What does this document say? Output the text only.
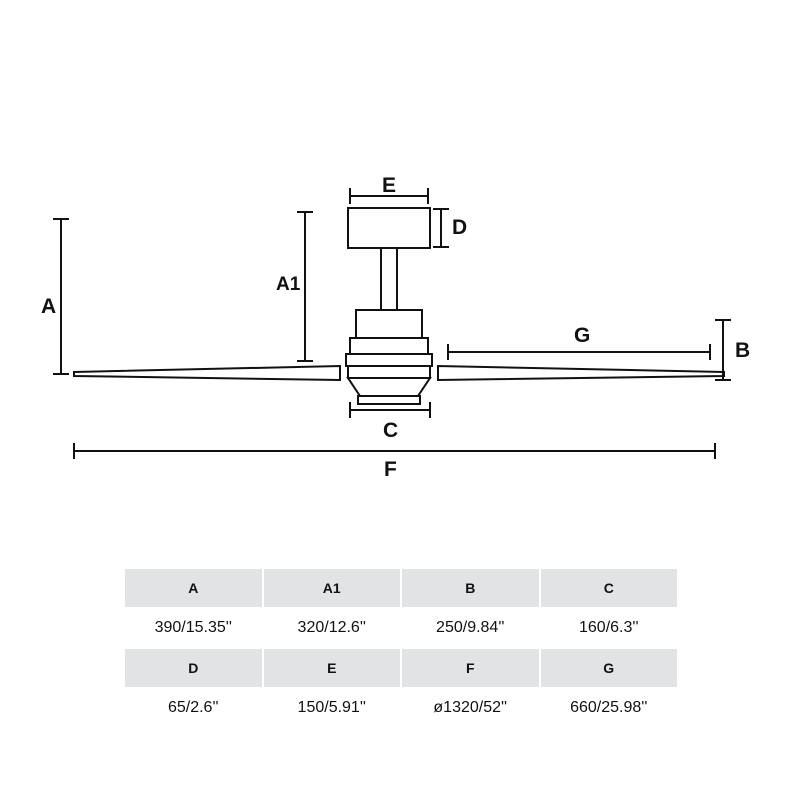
A
A1
E
D
G
B
C
F
A	A1	B	C
390/15.35''	320/12.6''	250/9.84''	160/6.3''
D	E	F	G
65/2.6''	150/5.91''	ø1320/52''	660/25.98''
